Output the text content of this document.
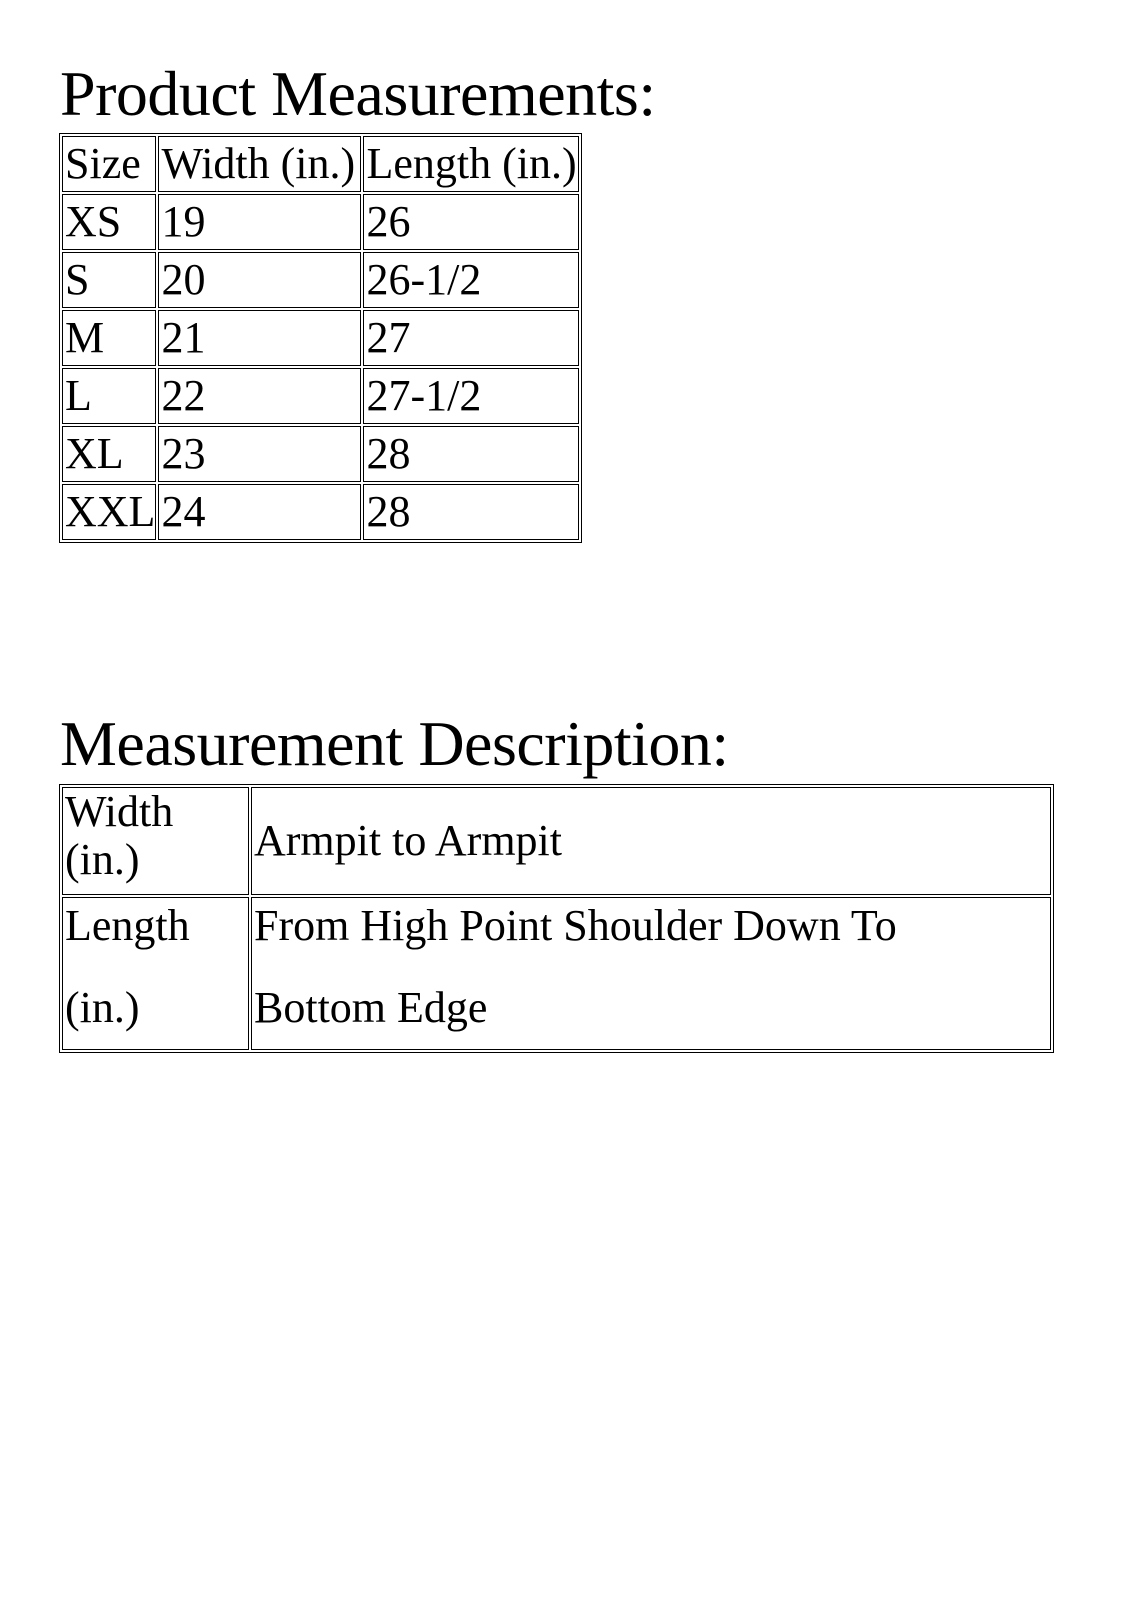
Product Measurements:
Size	Width (in.)	Length (in.)
XS	19	26
S	20	26-1/2
M	21	27
L	22	27-1/2
XL	23	28
XXL	24	28
Measurement Description:
Width
(in.)	Armpit to Armpit

Length
(in.)	From High Point Shoulder Down To
Bottom Edge
